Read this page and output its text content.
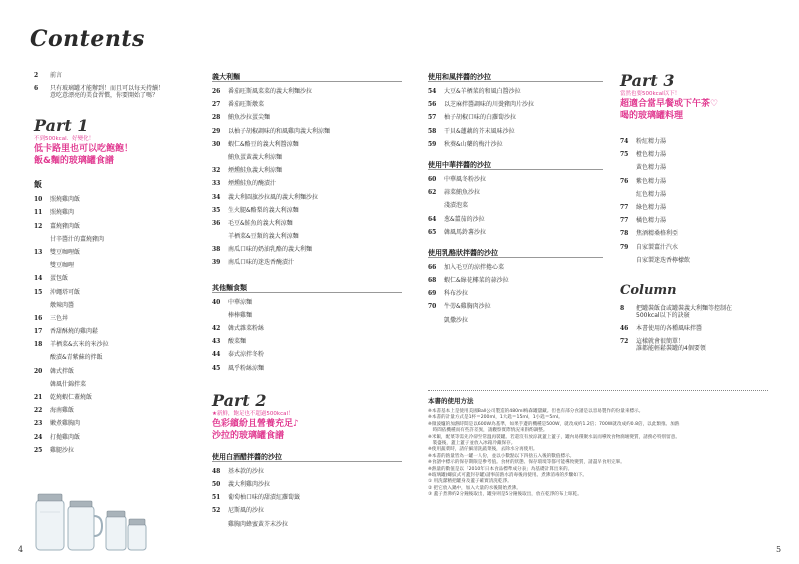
Contents
2	前言
6	只有玻璃罐才能辦到！而且可以每天持續！
意吃意漂亮的美食習慣，你要開始了嗎？
Part 1
不到500kcal．好變化！
低卡路里也可以吃飽飽！
飯&麵的玻璃罐食譜
飯
10	照燒雞肉飯
11	照燒雞肉
12	薑燒豬肉飯
甘辛醬汁的薑燒豬肉
13	雙豆咖哩飯
雙豆咖哩
14	蛋包飯
15	沖繩塔可飯
燉辣肉醬
16	三色丼
17	香甜酥燒的雞肉鬆
18	羊栖菜&玄米的米沙拉
酸漬&青紫蘇的拌飯
20	韓式拌飯
韓風什錦拌菜
21	乾燒蝦仁蓋燒飯
22	海南雞飯
23	嫩煮雞胸肉
24	打拋雞肉飯
25	雞腿沙拉
義大利麵
26	番茄旺斯風菜菜的義大利麵沙拉
27	番茄旺斯燉菜
28	鮪魚沙拉蛋尖麵
29	以柚子胡椒調味的和風雞肉義大利涼麵
30	蝦仁&酪豆的義大利醬涼麵
鮪魚蛋黃義大利涼麵
32	煙燻鮭魚義大利涼麵
33	煙燻鮭魚的醃漬汁
34	義大利圓旗沙拉風的義大利麵沙拉
35	生火腿&酪梨的義大利涼麵
36	毛豆&鮭魚的義大利涼麵
羊栖菜&豆類的義大利涼麵
38	南瓜口味的奶油乳酪的義大利麵
39	南瓜口味的迷迭香醃漬汁
其他麵食類
40	中華涼麵
棒棒雞麵
42	韓式雜菜粉絲
43	酸菜麵
44	泰式涼拌冬粉
45	風乎粉絲涼麵
Part 2
★新鮮，飽足也不超過500kcal！
色彩繽紛且營養充足♪
沙拉的玻璃罐食譜
使用白酒醋拌醬的沙拉
48	基本款的沙拉
50	義大利雞肉沙拉
51	葡萄柚口味的甜漬紅蘿蔔籤
52	尼斯風的沙拉
雞胸肉蜂蜜黃芥末沙拉
使用和風拌醬的沙拉
54	大豆&羊栖菜的和風白醬沙拉
56	以芝麻拌醬調味的川燙豬肉片沙拉
57	柚子胡椒口味的白蘿蔔沙拉
58	干貝&蓮藕的芥末風味沙拉
59	秋葵&山藥的梅汁沙拉
使用中華拌醬的沙拉
60	中華風冬粉沙拉
62	蒜菜鮪魚沙拉
淺漬泡菜
64	葱&薑茄的沙拉
65	韓風馬鈴薯沙拉
使用乳酪狀拌醬的沙拉
66	加入毛豆的涼拌捲心菜
68	蝦仁&綠花椰菜的蒜沙拉
69	科布沙拉
70	牛蒡&雞胸肉沙拉
凱撒沙拉
Part 3
當然也要500kcal以下！
超適合當早餐或下午茶♡
喝的玻璃罐料理
74	粉紅精力湯
75	橙色精力湯
黃色精力湯
76	紫色精力湯
紅色精力湯
77	綠色精力湯
77	橘色精力湯
78	焦酒精桑格利亞
79	自家製薑汁汽水
自家製迷迭香檸檬飲
Column
8	把罐裝飯食或罐裝義大利麵等控制在
500kcal以下的訣竅
46	本書使用的各種風味拌醬
72	這樣就會很簡單！
誰都能輕鬆裝罐的4個要領
本書的使用方法
※本書基本上是使用美國Ball公司製造的480ml梅森罐儲藏。但也有部分食譜是以容易製作的份量來標示。
※本書的計量方式是1杯＝200ml，1大匙＝15ml，1小匙＝5ml。
※微波爐的加熱時間是以600W為基準，如果手邊的機種是500W，就改成約1.2倍；700W就改成約0.8倍，以此類推。加熱
　時間依機種而有些許差異，請觀察實際情況來斟酌調整。
※米飯，配菜等需先冷卻至常溫再裝罐。若還沒有放涼就蓋上蓋子，罐內易積聚水氣而導致食物腐壞變質，請務必特別留意。
　裝盛後，蓋上蓋子並放入冰箱冷藏保存。
※使用蔬菜時，請仔細清洗蔬菜後，去除水分再使用。
※本書的熱量皆為一罐一人份，並以小數點以下四捨五入後的數值標示。
※食譜中標示的保存期限是參考值。食材的狀態、保存環境等都可能導致變質，請盡早食用完畢。
※熱量的數值是以「2010年日本食品標準成分表」為基礎計算出來的。
※玻璃罐(螺紋式可蓋封存罐)請事前熱水消毒後再使用。煮沸消毒的步驟如下。
① 用洗潔精把罐身及蓋子確實清洗乾淨。
② 把它放入鍋中，加入大量的水後開始煮沸。
③ 蓋子煮沸約2分鐘後取出，罐身則是5分鐘後取出，放在乾淨的布上晾乾。
4	5
